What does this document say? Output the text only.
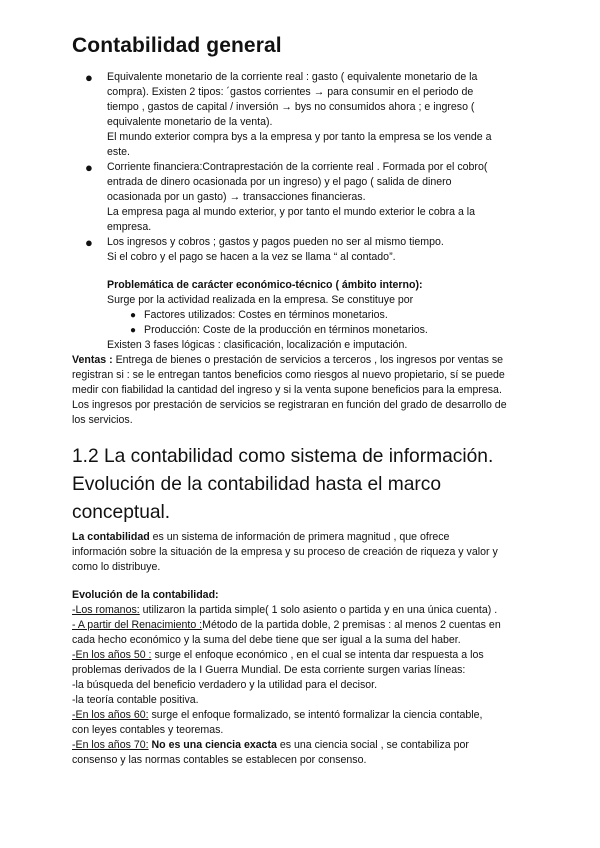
Contabilidad general
● Equivalente monetario de la corriente real : gasto ( equivalente monetario de la
compra). Existen 2 tipos: ´gastos corrientes → para consumir en el periodo de
tiempo , gastos de capital / inversión → bys no consumidos ahora ; e ingreso (
equivalente monetario de la venta).
El mundo exterior compra bys a la empresa y por tanto la empresa se los vende a
este.
● Corriente financiera:Contraprestación de la corriente real . Formada por el cobro(
entrada de dinero ocasionada por un ingreso) y el pago ( salida de dinero
ocasionada por un gasto) → transacciones financieras.
La empresa paga al mundo exterior, y por tanto el mundo exterior le cobra a la
empresa.
● Los ingresos y cobros ; gastos y pagos pueden no ser al mismo tiempo.
Si el cobro y el pago se hacen a la vez se llama “ al contado”.
Problemática de carácter económico-técnico ( ámbito interno):
Surge por la actividad realizada en la empresa. Se constituye por
● Factores utilizados: Costes en términos monetarios.
● Producción: Coste de la producción en términos monetarios.
Existen 3 fases lógicas : clasificación, localización e imputación.
Ventas : Entrega de bienes o prestación de servicios a terceros , los ingresos por ventas se
registran si : se le entregan tantos beneficios como riesgos al nuevo propietario, sí se puede
medir con fiabilidad la cantidad del ingreso y si la venta supone beneficios para la empresa.
Los ingresos por prestación de servicios se registraran en función del grado de desarrollo de
los servicios.
1.2 La contabilidad como sistema de información.
Evolución de la contabilidad hasta el marco
conceptual.
La contabilidad es un sistema de información de primera magnitud , que ofrece
información sobre la situación de la empresa y su proceso de creación de riqueza y valor y
como lo distribuye.
Evolución de la contabilidad:
-Los romanos: utilizaron la partida simple( 1 solo asiento o partida y en una única cuenta) .
- A partir del Renacimiento :Método de la partida doble, 2 premisas : al menos 2 cuentas en
cada hecho económico y la suma del debe tiene que ser igual a la suma del haber.
-En los años 50 : surge el enfoque económico , en el cual se intenta dar respuesta a los
problemas derivados de la I Guerra Mundial. De esta corriente surgen varias líneas:
-la búsqueda del beneficio verdadero y la utilidad para el decisor.
-la teoría contable positiva.
-En los años 60: surge el enfoque formalizado, se intentó formalizar la ciencia contable,
con leyes contables y teoremas.
-En los años 70: No es una ciencia exacta es una ciencia social , se contabiliza por
consenso y las normas contables se establecen por consenso.
